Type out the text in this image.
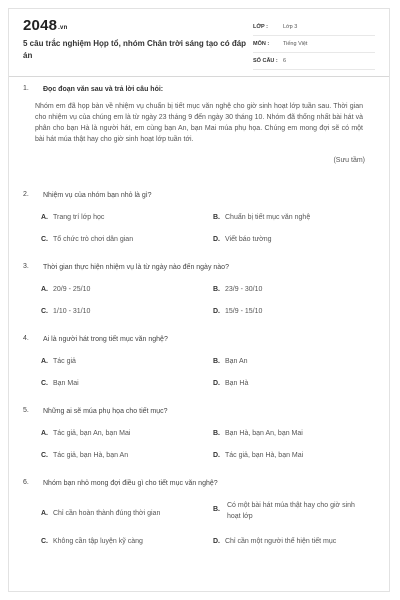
2048.vn
5 câu trắc nghiệm Họp tổ, nhóm Chân trời sáng tạo có đáp án
LỚP :	Lớp 3
MÔN :	Tiếng Việt
SỐ CÂU : 6
1.	Đọc đoạn văn sau và trả lời câu hỏi:
Nhóm em đã họp bàn về nhiệm vụ chuẩn bị tiết mục văn nghệ cho giờ sinh hoạt lớp tuần sau. Thời gian cho nhiệm vụ của chúng em là từ ngày 23 tháng 9 đến ngày 30 tháng 10. Nhóm đã thống nhất bài hát và phân cho bạn Hà là người hát, em cùng bạn An, bạn Mai múa phụ họa. Chúng em mong đợi sẽ có một bài hát múa thật hay cho giờ sinh hoạt lớp tuần tới.
(Sưu tầm)
2.	Nhiệm vụ của nhóm bạn nhỏ là gì?
A. Trang trí lớp học	B. Chuẩn bị tiết mục văn nghệ
C. Tổ chức trò chơi dân gian	D. Viết báo tường
3.	Thời gian thực hiện nhiệm vụ là từ ngày nào đến ngày nào?
A. 20/9 - 25/10	B. 23/9 - 30/10
C. 1/10 - 31/10	D. 15/9 - 15/10
4.	Ai là người hát trong tiết mục văn nghệ?
A. Tác giả	B. Bạn An
C. Bạn Mai	D. Bạn Hà
5.	Những ai sẽ múa phụ họa cho tiết mục?
A. Tác giả, bạn An, bạn Mai	B. Bạn Hà, bạn An, bạn Mai
C. Tác giả, bạn Hà, bạn An	D. Tác giả, bạn Hà, bạn Mai
6.	Nhóm bạn nhỏ mong đợi điều gì cho tiết mục văn nghệ?
A. Chỉ cần hoàn thành đúng thời gian
B.
Có một bài hát múa thật hay cho giờ sinh hoạt lớp
C. Không cần tập luyện kỹ càng	D. Chỉ cần một người thể hiện tiết mục
